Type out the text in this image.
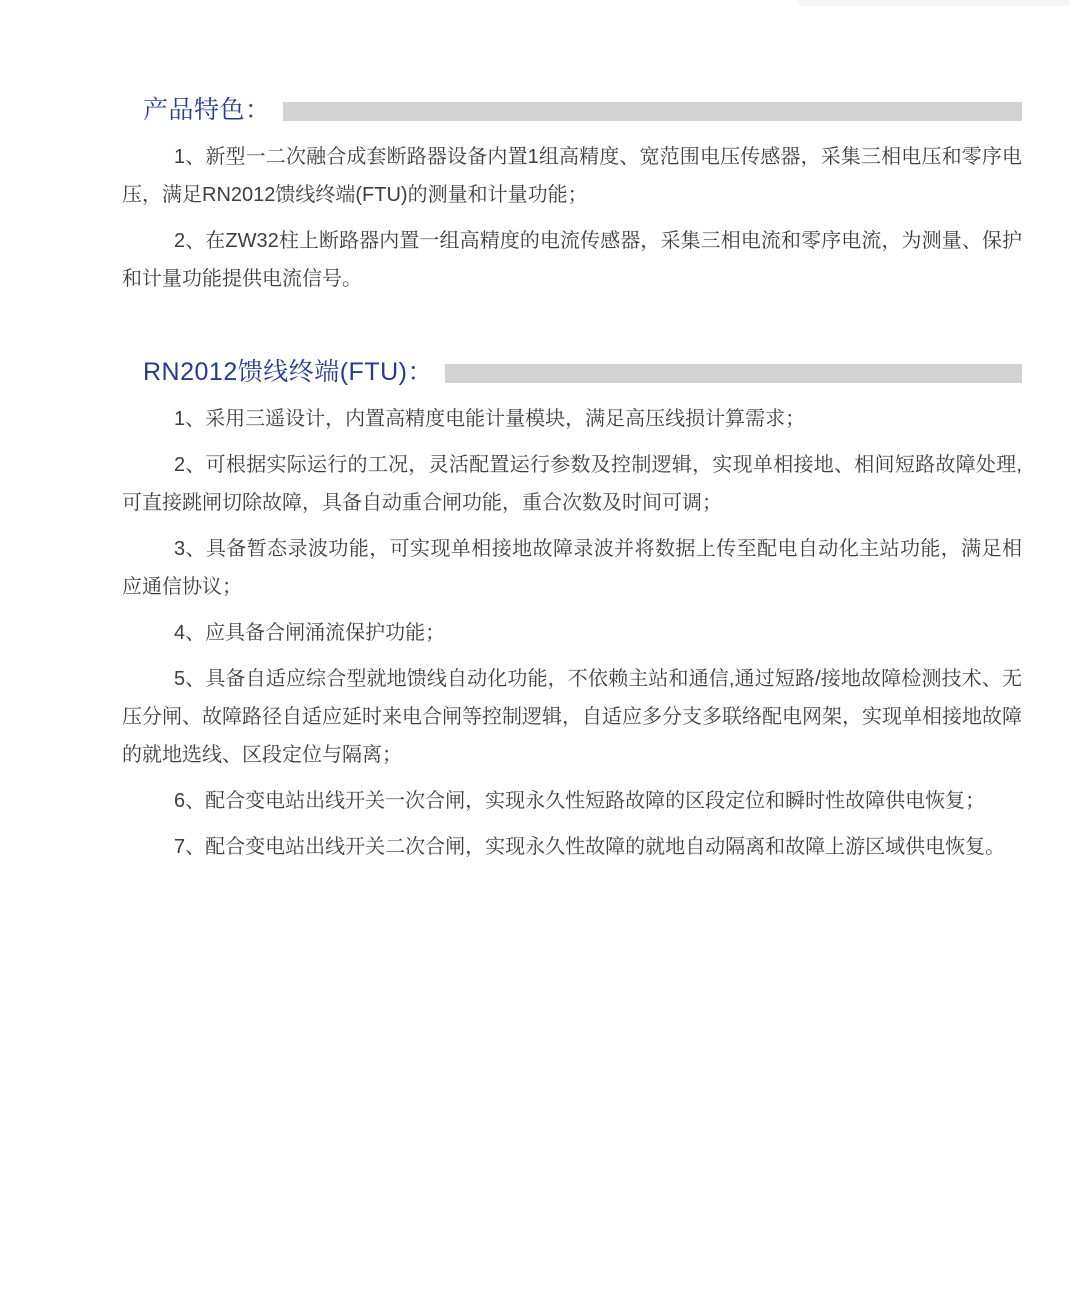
产品特色：

1、新型一二次融合成套断路器设备内置1组高精度、宽范围电压传感器，采集三相电压和零序电压，满足RN2012馈线终端(FTU)的测量和计量功能；

2、在ZW32柱上断路器内置一组高精度的电流传感器，采集三相电流和零序电流，为测量、保护和计量功能提供电流信号。

RN2012馈线终端(FTU)：

1、采用三遥设计，内置高精度电能计量模块，满足高压线损计算需求；

2、可根据实际运行的工况，灵活配置运行参数及控制逻辑，实现单相接地、相间短路故障处理,可直接跳闸切除故障，具备自动重合闸功能，重合次数及时间可调；

3、具备暂态录波功能，可实现单相接地故障录波并将数据上传至配电自动化主站功能，满足相应通信协议；

4、应具备合闸涌流保护功能；

5、具备自适应综合型就地馈线自动化功能，不依赖主站和通信,通过短路/接地故障检测技术、无压分闸、故障路径自适应延时来电合闸等控制逻辑，自适应多分支多联络配电网架，实现单相接地故障的就地选线、区段定位与隔离；

6、配合变电站出线开关一次合闸，实现永久性短路故障的区段定位和瞬时性故障供电恢复；

7、配合变电站出线开关二次合闸，实现永久性故障的就地自动隔离和故障上游区域供电恢复。
